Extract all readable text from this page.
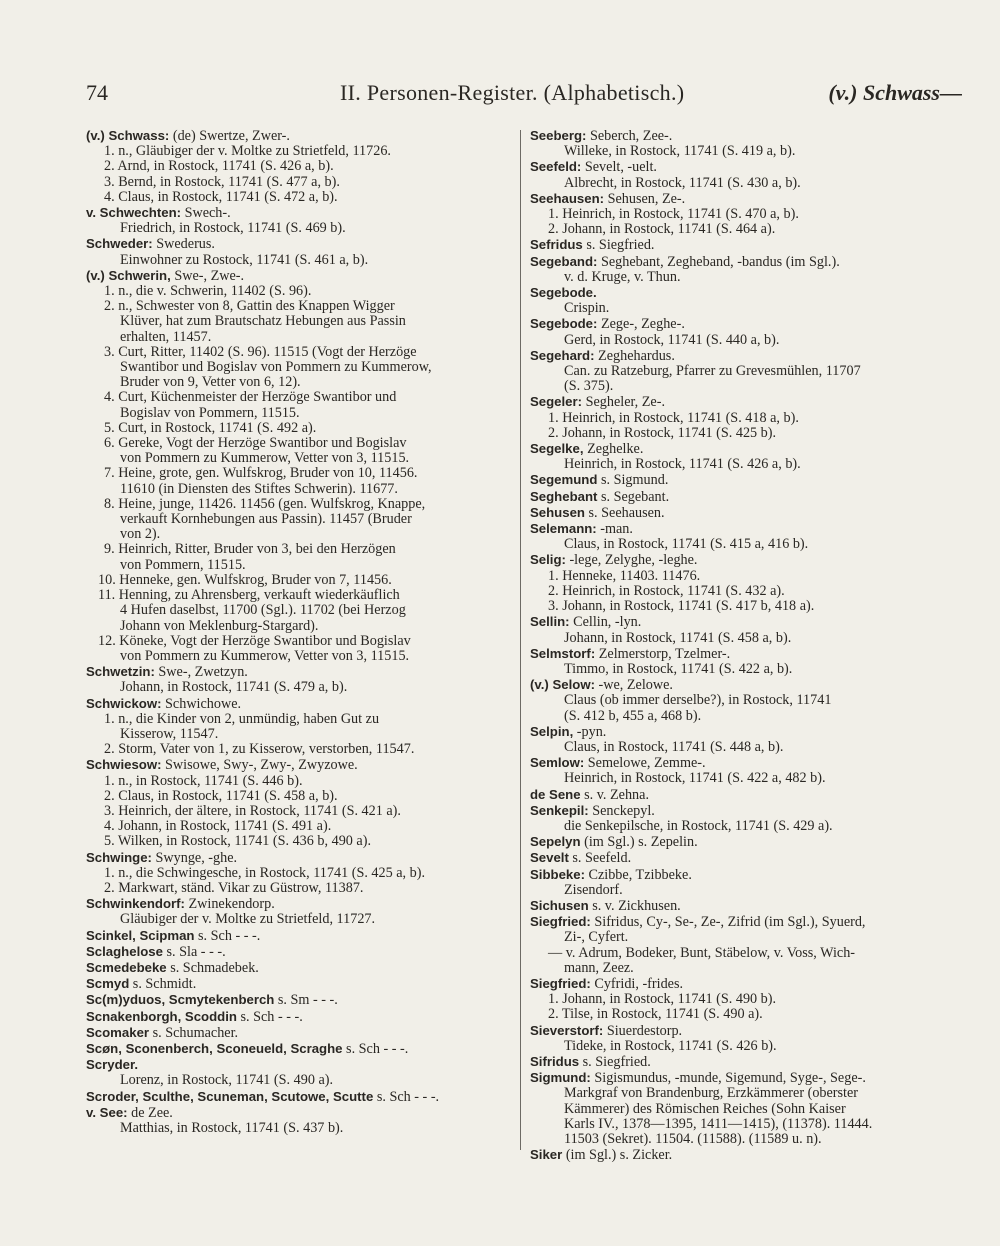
74	II. Personen-Register. (Alphabetisch.)	(v.) Schwass—
(v.) Schwass: (de) Swertze, Zwer-.
1. n., Gläubiger der v. Moltke zu Strietfeld, 11726.
2. Arnd, in Rostock, 11741 (S. 426 a, b).
3. Bernd, in Rostock, 11741 (S. 477 a, b).
4. Claus, in Rostock, 11741 (S. 472 a, b).
v. Schwechten: Swech-.
Friedrich, in Rostock, 11741 (S. 469 b).
Schweder: Swederus.
Einwohner zu Rostock, 11741 (S. 461 a, b).
(v.) Schwerin, Swe-, Zwe-.
1. n., die v. Schwerin, 11402 (S. 96).
2. n., Schwester von 8, Gattin des Knappen Wigger
Klüver, hat zum Brautschatz Hebungen aus Passin
erhalten, 11457.
3. Curt, Ritter, 11402 (S. 96). 11515 (Vogt der Herzöge
Swantibor und Bogislav von Pommern zu Kummerow,
Bruder von 9, Vetter von 6, 12).
4. Curt, Küchenmeister der Herzöge Swantibor und
Bogislav von Pommern, 11515.
5. Curt, in Rostock, 11741 (S. 492 a).
6. Gereke, Vogt der Herzöge Swantibor und Bogislav
von Pommern zu Kummerow, Vetter von 3, 11515.
7. Heine, grote, gen. Wulfskrog, Bruder von 10, 11456.
11610 (in Diensten des Stiftes Schwerin). 11677.
8. Heine, junge, 11426. 11456 (gen. Wulfskrog, Knappe,
verkauft Kornhebungen aus Passin). 11457 (Bruder
von 2).
9. Heinrich, Ritter, Bruder von 3, bei den Herzögen
von Pommern, 11515.
10. Henneke, gen. Wulfskrog, Bruder von 7, 11456.
11. Henning, zu Ahrensberg, verkauft wiederkäuflich
4 Hufen daselbst, 11700 (Sgl.). 11702 (bei Herzog
Johann von Meklenburg-Stargard).
12. Köneke, Vogt der Herzöge Swantibor und Bogislav
von Pommern zu Kummerow, Vetter von 3, 11515.
Schwetzin: Swe-, Zwetzyn.
Johann, in Rostock, 11741 (S. 479 a, b).
Schwickow: Schwichowe.
1. n., die Kinder von 2, unmündig, haben Gut zu
Kisserow, 11547.
2. Storm, Vater von 1, zu Kisserow, verstorben, 11547.
Schwiesow: Swisowe, Swy-, Zwy-, Zwyzowe.
1. n., in Rostock, 11741 (S. 446 b).
2. Claus, in Rostock, 11741 (S. 458 a, b).
3. Heinrich, der ältere, in Rostock, 11741 (S. 421 a).
4. Johann, in Rostock, 11741 (S. 491 a).
5. Wilken, in Rostock, 11741 (S. 436 b, 490 a).
Schwinge: Swynge, -ghe.
1. n., die Schwingesche, in Rostock, 11741 (S. 425 a, b).
2. Markwart, ständ. Vikar zu Güstrow, 11387.
Schwinkendorf: Zwinekendorp.
Gläubiger der v. Moltke zu Strietfeld, 11727.
Scinkel, Scipman s. Sch - - -.
Sclaghelose s. Sla - - -.
Scmedebeke s. Schmadebek.
Scmyd s. Schmidt.
Sc(m)yduos, Scmytekenberch s. Sm - - -.
Scnakenborgh, Scoddin s. Sch - - -.
Scomaker s. Schumacher.
Scøn, Sconenberch, Sconeueld, Scraghe s. Sch - - -.
Scryder.
Lorenz, in Rostock, 11741 (S. 490 a).
Scroder, Sculthe, Scuneman, Scutowe, Scutte s. Sch - - -.
v. See: de Zee.
Matthias, in Rostock, 11741 (S. 437 b).
Seeberg: Seberch, Zee-.
Willeke, in Rostock, 11741 (S. 419 a, b).
Seefeld: Sevelt, -uelt.
Albrecht, in Rostock, 11741 (S. 430 a, b).
Seehausen: Sehusen, Ze-.
1. Heinrich, in Rostock, 11741 (S. 470 a, b).
2. Johann, in Rostock, 11741 (S. 464 a).
Sefridus s. Siegfried.
Segeband: Seghebant, Zegheband, -bandus (im Sgl.).
v. d. Kruge, v. Thun.
Segebode.
Crispin.
Segebode: Zege-, Zeghe-.
Gerd, in Rostock, 11741 (S. 440 a, b).
Segehard: Zeghehardus.
Can. zu Ratzeburg, Pfarrer zu Grevesmühlen, 11707
(S. 375).
Segeler: Segheler, Ze-.
1. Heinrich, in Rostock, 11741 (S. 418 a, b).
2. Johann, in Rostock, 11741 (S. 425 b).
Segelke, Zeghelke.
Heinrich, in Rostock, 11741 (S. 426 a, b).
Segemund s. Sigmund.
Seghebant s. Segebant.
Sehusen s. Seehausen.
Selemann: -man.
Claus, in Rostock, 11741 (S. 415 a, 416 b).
Selig: -lege, Zelyghe, -leghe.
1. Henneke, 11403. 11476.
2. Heinrich, in Rostock, 11741 (S. 432 a).
3. Johann, in Rostock, 11741 (S. 417 b, 418 a).
Sellin: Cellin, -lyn.
Johann, in Rostock, 11741 (S. 458 a, b).
Selmstorf: Zelmerstorp, Tzelmer-.
Timmo, in Rostock, 11741 (S. 422 a, b).
(v.) Selow: -we, Zelowe.
Claus (ob immer derselbe?), in Rostock, 11741
(S. 412 b, 455 a, 468 b).
Selpin, -pyn.
Claus, in Rostock, 11741 (S. 448 a, b).
Semlow: Semelowe, Zemme-.
Heinrich, in Rostock, 11741 (S. 422 a, 482 b).
de Sene s. v. Zehna.
Senkepil: Senckepyl.
die Senkepilsche, in Rostock, 11741 (S. 429 a).
Sepelyn (im Sgl.) s. Zepelin.
Sevelt s. Seefeld.
Sibbeke: Czibbe, Tzibbeke.
Zisendorf.
Sichusen s. v. Zickhusen.
Siegfried: Sifridus, Cy-, Se-, Ze-, Zifrid (im Sgl.), Syuerd,
Zi-, Cyfert.
— v. Adrum, Bodeker, Bunt, Stäbelow, v. Voss, Wich-
mann, Zeez.
Siegfried: Cyfridi, -frides.
1. Johann, in Rostock, 11741 (S. 490 b).
2. Tilse, in Rostock, 11741 (S. 490 a).
Sieverstorf: Siuerdestorp.
Tideke, in Rostock, 11741 (S. 426 b).
Sifridus s. Siegfried.
Sigmund: Sigismundus, -munde, Sigemund, Syge-, Sege-.
Markgraf von Brandenburg, Erzkämmerer (oberster
Kämmerer) des Römischen Reiches (Sohn Kaiser
Karls IV., 1378—1395, 1411—1415), (11378). 11444.
11503 (Sekret). 11504. (11588). (11589 u. n).
Siker (im Sgl.) s. Zicker.
